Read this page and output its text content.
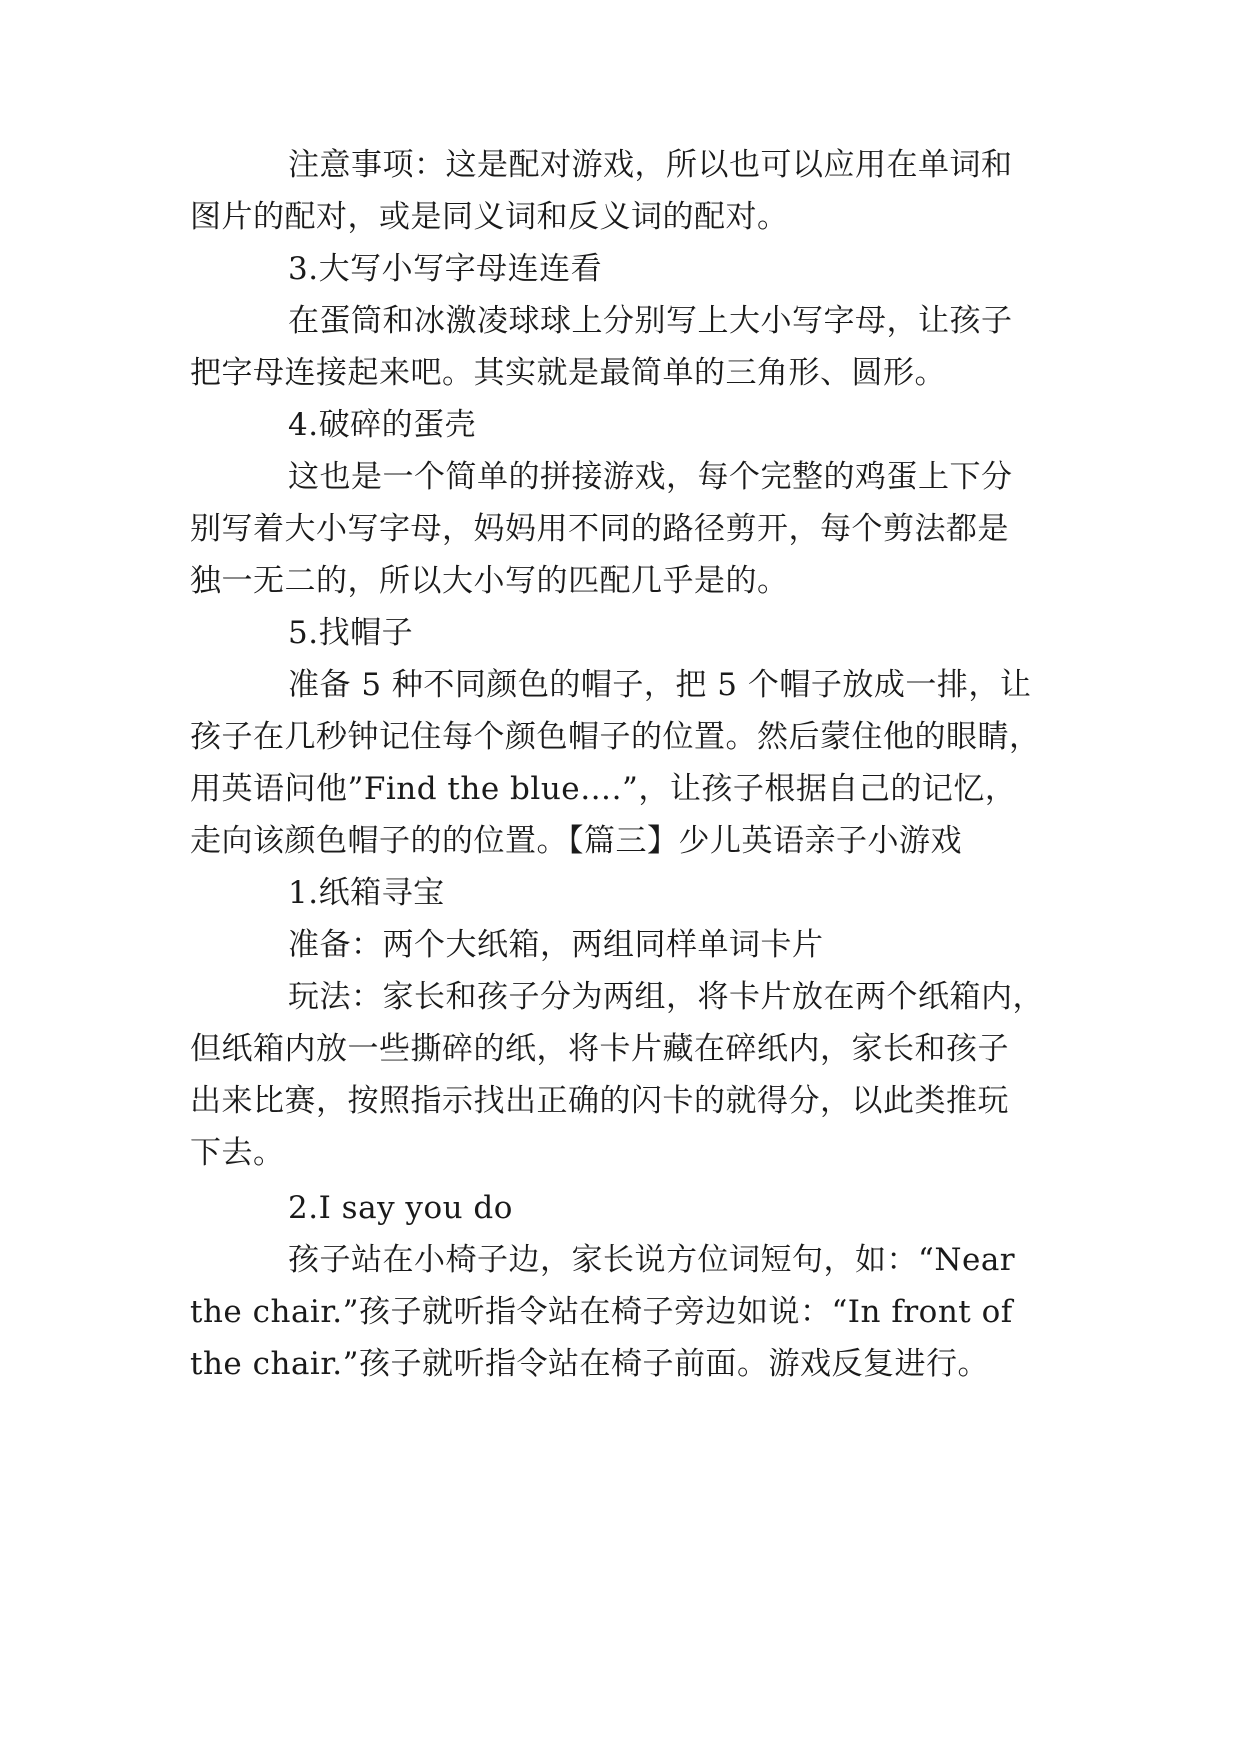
注意事项：这是配对游戏，所以也可以应用在单词和
图片的配对，或是同义词和反义词的配对。
3.大写小写字母连连看
在蛋筒和冰激凌球球上分别写上大小写字母，让孩子
把字母连接起来吧。其实就是最简单的三角形、圆形。
4.破碎的蛋壳
这也是一个简单的拼接游戏，每个完整的鸡蛋上下分
别写着大小写字母，妈妈用不同的路径剪开，每个剪法都是
独一无二的，所以大小写的匹配几乎是的。
5.找帽子
准备 5 种不同颜色的帽子，把 5 个帽子放成一排，让
孩子在几秒钟记住每个颜色帽子的位置。然后蒙住他的眼睛，
用英语问他”Find the blue….”，让孩子根据自己的记忆，
走向该颜色帽子的的位置。【篇三】少儿英语亲子小游戏
1.纸箱寻宝
准备：两个大纸箱，两组同样单词卡片
玩法：家长和孩子分为两组，将卡片放在两个纸箱内，
但纸箱内放一些撕碎的纸，将卡片藏在碎纸内，家长和孩子
出来比赛，按照指示找出正确的闪卡的就得分，以此类推玩
下去。
2.I say you do
孩子站在小椅子边，家长说方位词短句，如：“Near
the chair.”孩子就听指令站在椅子旁边如说：“In front of
the chair.”孩子就听指令站在椅子前面。游戏反复进行。
